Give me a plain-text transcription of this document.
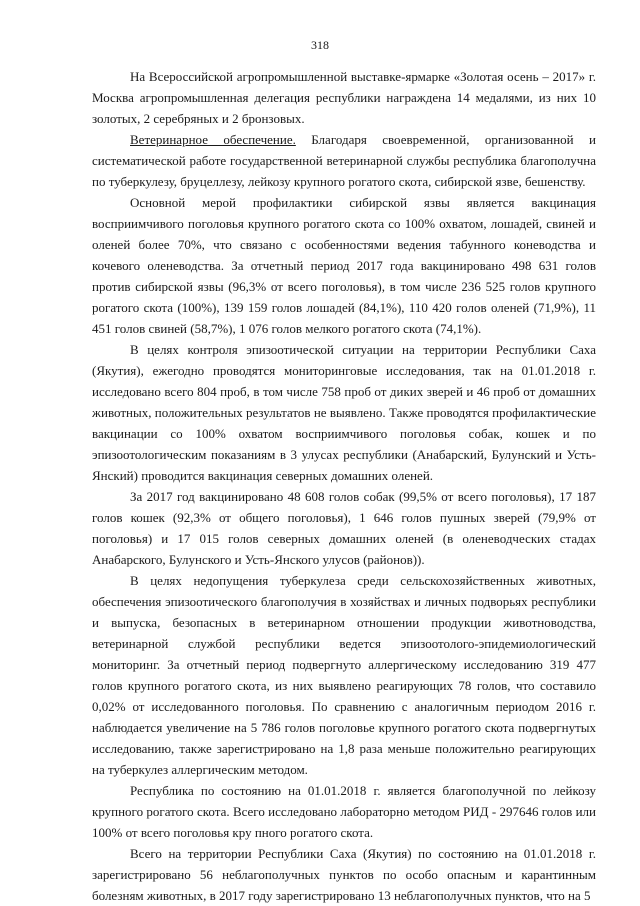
318

На Всероссийской агропромышленной выставке-ярмарке «Золотая осень – 2017» г. Москва агропромышленная делегация республики награждена 14 медалями, из них 10 золотых, 2 серебряных и 2 бронзовых.

Ветеринарное обеспечение. Благодаря своевременной, организованной и систематической работе государственной ветеринарной службы республика благополучна по туберкулезу, бруцеллезу, лейкозу крупного рогатого скота, сибирской язве, бешенству.

Основной мерой профилактики сибирской язвы является вакцинация восприимчивого поголовья крупного рогатого скота со 100% охватом, лошадей, свиней и оленей более 70%, что связано с особенностями ведения табунного коневодства и кочевого оленеводства. За отчетный период 2017 года вакцинировано 498 631 голов против сибирской язвы (96,3% от всего поголовья), в том числе 236 525 голов крупного рогатого скота (100%), 139 159 голов лошадей (84,1%), 110 420 голов оленей (71,9%), 11 451 голов свиней (58,7%), 1 076 голов мелкого рогатого скота (74,1%).

В целях контроля эпизоотической ситуации на территории Республики Саха (Якутия), ежегодно проводятся мониторинговые исследования, так на 01.01.2018 г. исследовано всего 804 проб, в том числе 758 проб от диких зверей и 46 проб от домашних животных, положительных результатов не выявлено. Также проводятся профилактические вакцинации со 100% охватом восприимчивого поголовья собак, кошек и по эпизоотологическим показаниям в 3 улусах республики (Анабарский, Булунский и Усть-Янский) проводится вакцинация северных домашних оленей.

За 2017 год вакцинировано 48 608 голов собак (99,5% от всего поголовья), 17 187 голов кошек (92,3% от общего поголовья), 1 646 голов пушных зверей (79,9% от поголовья) и 17 015 голов северных домашних оленей (в оленеводческих стадах Анабарского, Булунского и Усть-Янского улусов (районов)).

В целях недопущения туберкулеза среди сельскохозяйственных животных, обеспечения эпизоотического благополучия в хозяйствах и личных подворьях республики и выпуска, безопасных в ветеринарном отношении продукции животноводства, ветеринарной службой республики ведется эпизоотолого-эпидемиологический мониторинг. За отчетный период подвергнуто аллергическому исследованию 319 477 голов крупного рогатого скота, из них выявлено реагирующих 78 голов, что составило 0,02% от исследованного поголовья. По сравнению с аналогичным периодом 2016 г. наблюдается увеличение на 5 786 голов поголовье крупного рогатого скота подвергнутых исследованию, также зарегистрировано на 1,8 раза меньше положительно реагирующих на туберкулез аллергическим методом.

Республика по состоянию на 01.01.2018 г. является благополучной по лейкозу крупного рогатого скота. Всего исследовано лабораторно методом РИД - 297646 голов или 100% от всего поголовья кру пного рогатого скота.

Всего на территории Республики Саха (Якутия) по состоянию на 01.01.2018 г. зарегистрировано 56 неблагополучных пунктов по особо опасным и карантинным болезням животных, в 2017 году зарегистрировано 13 неблагополучных пунктов, что на 5
